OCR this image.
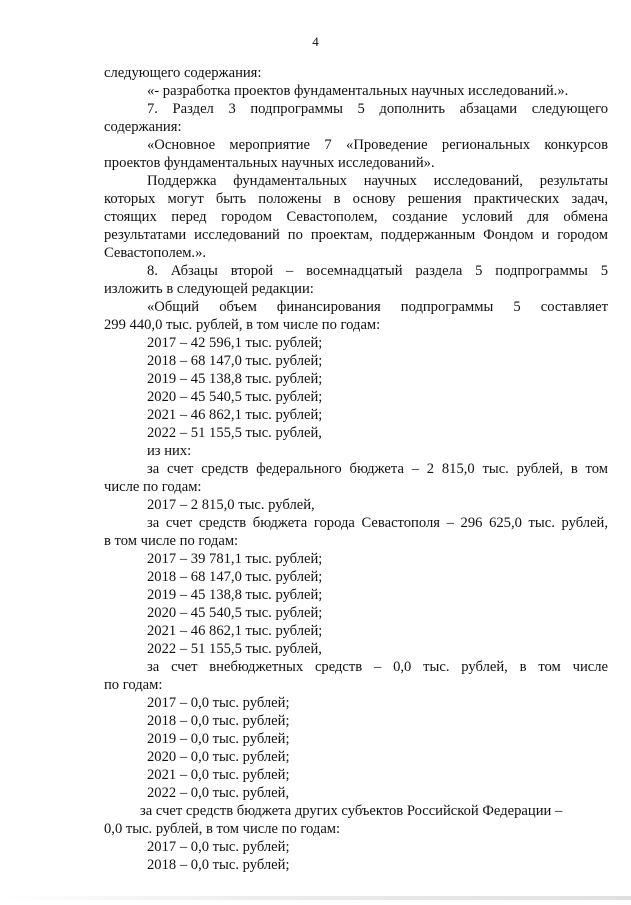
4
следующего содержания:
«- разработка проектов фундаментальных научных исследований.».
7. Раздел 3 подпрограммы 5 дополнить абзацами следующего
содержания:
«Основное мероприятие 7 «Проведение региональных конкурсов
проектов фундаментальных научных исследований».
Поддержка фундаментальных научных исследований, результаты
которых могут быть положены в основу решения практических задач,
стоящих перед городом Севастополем, создание условий для обмена
результатами исследований по проектам, поддержанным Фондом и городом
Севастополем.».
8. Абзацы второй – восемнадцатый раздела 5 подпрограммы 5
изложить в следующей редакции:
«Общий объем финансирования подпрограммы 5 составляет
299 440,0 тыс. рублей, в том числе по годам:
2017 – 42 596,1 тыс. рублей;
2018 – 68 147,0 тыс. рублей;
2019 – 45 138,8 тыс. рублей;
2020 – 45 540,5 тыс. рублей;
2021 – 46 862,1 тыс. рублей;
2022 – 51 155,5 тыс. рублей,
из них:
за счет средств федерального бюджета – 2 815,0 тыс. рублей, в том
числе по годам:
2017 – 2 815,0 тыс. рублей,
за счет средств бюджета города Севастополя – 296 625,0 тыс. рублей,
в том числе по годам:
2017 – 39 781,1 тыс. рублей;
2018 – 68 147,0 тыс. рублей;
2019 – 45 138,8 тыс. рублей;
2020 – 45 540,5 тыс. рублей;
2021 – 46 862,1 тыс. рублей;
2022 – 51 155,5 тыс. рублей,
за счет внебюджетных средств – 0,0 тыс. рублей, в том числе
по годам:
2017 – 0,0 тыс. рублей;
2018 – 0,0 тыс. рублей;
2019 – 0,0 тыс. рублей;
2020 – 0,0 тыс. рублей;
2021 – 0,0 тыс. рублей;
2022 – 0,0 тыс. рублей,
за счет средств бюджета других субъектов Российской Федерации –
0,0 тыс. рублей, в том числе по годам:
2017 – 0,0 тыс. рублей;
2018 – 0,0 тыс. рублей;
